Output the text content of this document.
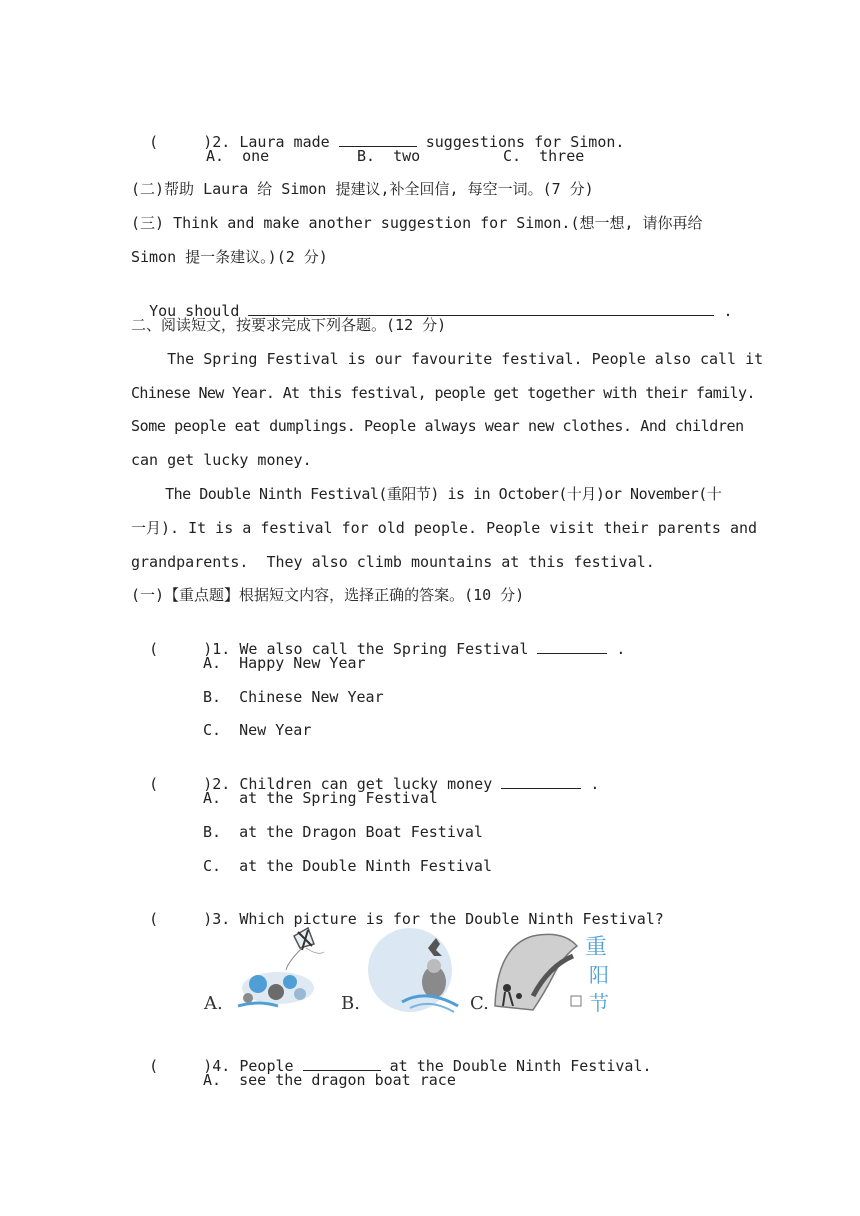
(     )2. Laura made	suggestions for Simon.

A. one	B. two	C. three
(二)帮助 Laura 给 Simon 提建议,补全回信, 每空一词。(7 分)
(三) Think and make another suggestion for Simon.(想一想, 请你再给
Simon 提一条建议。)(2 分)

You should	.

二、阅读短文，按要求完成下列各题。(12 分)
The Spring Festival is our favourite festival. People also call it
Chinese New Year. At this festival, people get together with their family.
Some people eat dumplings. People always wear new clothes. And children
can get lucky money.
The Double Ninth Festival(重阳节) is in October(十月)or November(十
一月). It is a festival for old people. People visit their parents and
grandparents.  They also climb mountains at this festival.
(一)【重点题】根据短文内容，选择正确的答案。(10 分)

(     )1. We also call the Spring Festival	.

A.  Happy New Year
B.  Chinese New Year
C.  New Year

(     )2. Children can get lucky money	.

A.  at the Spring Festival
B.  at the Dragon Boat Festival
C.  at the Double Ninth Festival

(     )3. Which picture is for the Double Ninth Festival?

A.	B.	C.
重
阳
节

(     )4. People	at the Double Ninth Festival.

A.  see the dragon boat race
